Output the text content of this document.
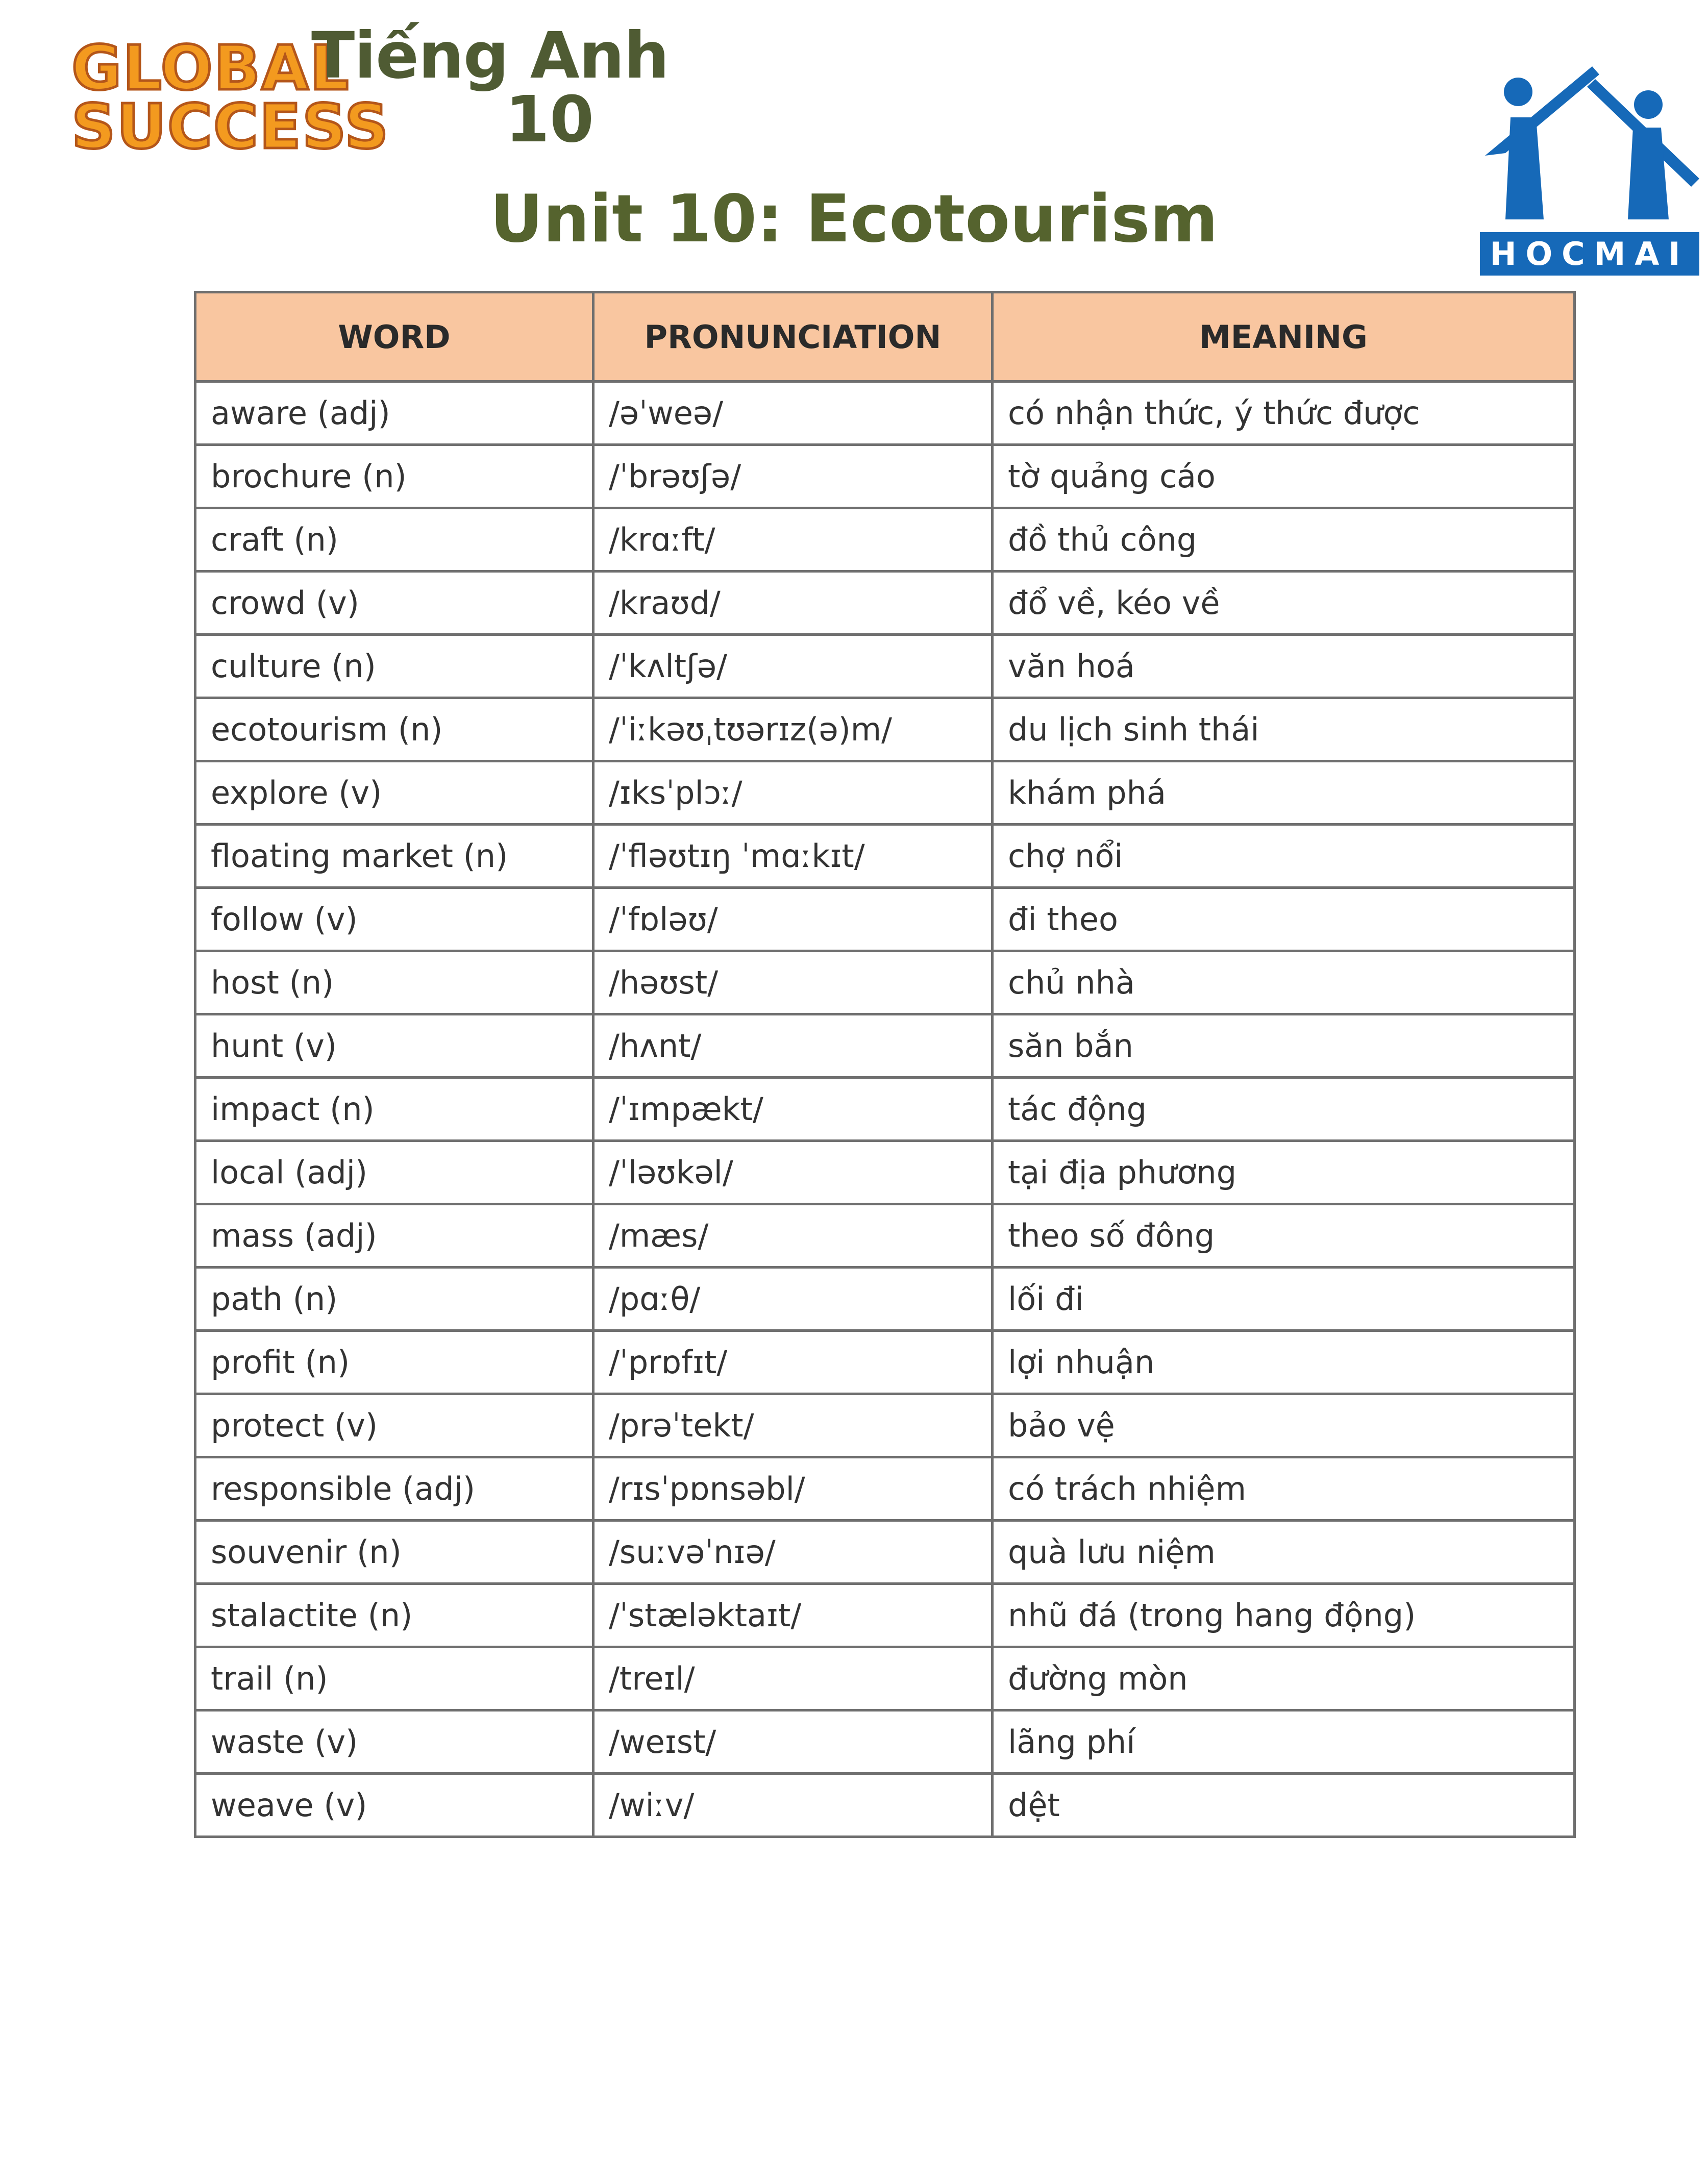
GLOBAL
SUCCESS
Tiếng Anh
10
HOCMAI
Unit 10: Ecotourism
WORD	PRONUNCIATION	MEANING
aware (adj)	/əˈweə/	có nhận thức, ý thức được
brochure (n)	/ˈbrəʊʃə/	tờ quảng cáo
craft (n)	/krɑːft/	đồ thủ công
crowd (v)	/kraʊd/	đổ về, kéo về
culture (n)	/ˈkʌltʃə/	văn hoá
ecotourism (n)	/ˈiːkəʊˌtʊərɪz(ə)m/	du lịch sinh thái
explore (v)	/ɪksˈplɔː/	khám phá
floating market (n)	/ˈfləʊtɪŋ ˈmɑːkɪt/	chợ nổi
follow (v)	/ˈfɒləʊ/	đi theo
host (n)	/həʊst/	chủ nhà
hunt (v)	/hʌnt/	săn bắn
impact (n)	/ˈɪmpækt/	tác động
local (adj)	/ˈləʊkəl/	tại địa phương
mass (adj)	/mæs/	theo số đông
path (n)	/pɑːθ/	lối đi
profit (n)	/ˈprɒfɪt/	lợi nhuận
protect (v)	/prəˈtekt/	bảo vệ
responsible (adj)	/rɪsˈpɒnsəbl/	có trách nhiệm
souvenir (n)	/suːvəˈnɪə/	quà lưu niệm
stalactite (n)	/ˈstæləktaɪt/	nhũ đá (trong hang động)
trail (n)	/treɪl/	đường mòn
waste (v)	/weɪst/	lãng phí
weave (v)	/wiːv/	dệt
